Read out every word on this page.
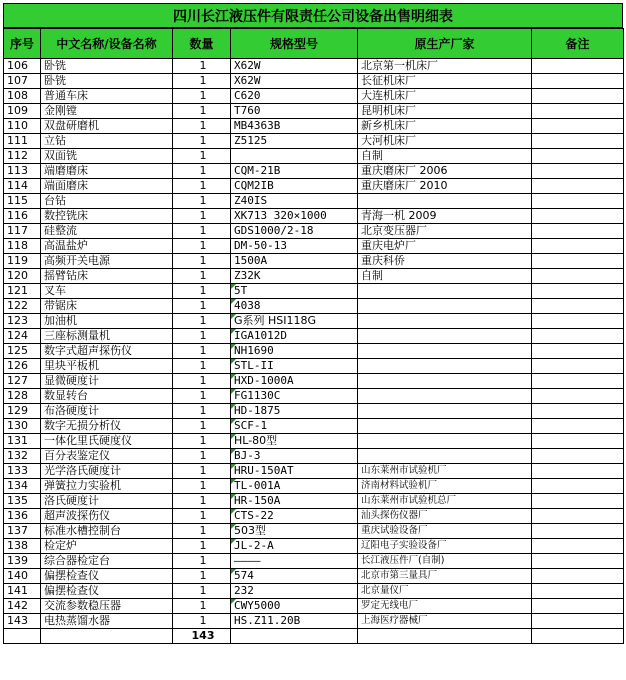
四川长江液压件有限责任公司设备出售明细表
序号	中文名称/设备名称	数量	规格型号	原生产厂家	备注
106	卧铣	1	X62W	北京第一机床厂	
107	卧铣	1	X62W	长征机床厂	
108	普通车床	1	C620	大连机床厂	
109	金刚镗	1	T760	昆明机床厂	
110	双盘研磨机	1	MB4363B	新乡机床厂	
111	立钻	1	Z5125	大河机床厂	
112	双面铣	1		自制	
113	端磨磨床	1	CQM-21B	重庆磨床厂 2006	
114	端面磨床	1	CQM2IB	重庆磨床厂 2010	
115	台钻	1	Z40IS		
116	数控铣床	1	XK713 320×1000	青海一机 2009	
117	硅整流	1	GDS1000/2-18	北京变压器厂	
118	高温盐炉	1	DM-50-13	重庆电炉厂	
119	高频开关电源	1	1500A	重庆科侨	
120	摇臂钻床	1	Z32K	自制	
121	叉车	1	5T		
122	带锯床	1	4038		
123	加油机	1	G系列 HSI118G		
124	三座标测量机	1	IGA1012D		
125	数字式超声探伤仪	1	NH1690		
126	里块平板机	1	STL-II		
127	显微硬度计	1	HXD-1000A		
128	数显转台	1	FG1130C		
129	布洛硬度计	1	HD-1875		
130	数字无损分析仪	1	SCF-1		
131	一体化里氏硬度仪	1	HL-80型		
132	百分表鉴定仪	1	BJ-3		
133	光学洛氏硬度计	1	HRU-150AT	山东莱州市试验机厂	
134	弹簧拉力实验机	1	TL-001A	济南材料试验机厂	
135	洛氏硬度计	1	HR-150A	山东莱州市试验机总厂	
136	超声波探伤仪	1	CTS-22	汕头探伤仪器厂	
137	标准水槽控制台	1	503型	重庆试验设备厂	
138	检定炉	1	JL-2-A	辽阳电子实验设备厂	
139	综合器检定台	1	————	长江液压件厂(自制)	
140	偏摆检查仪	1	574	北京市第三量具厂	
141	偏摆检查仪	1	232	北京量仪厂	
142	交流参数稳压器	1	CWY5000	罗定无线电厂	
143	电热蒸馏水器	1	HS.Z11.20B	上海医疗器械厂	
		143			
